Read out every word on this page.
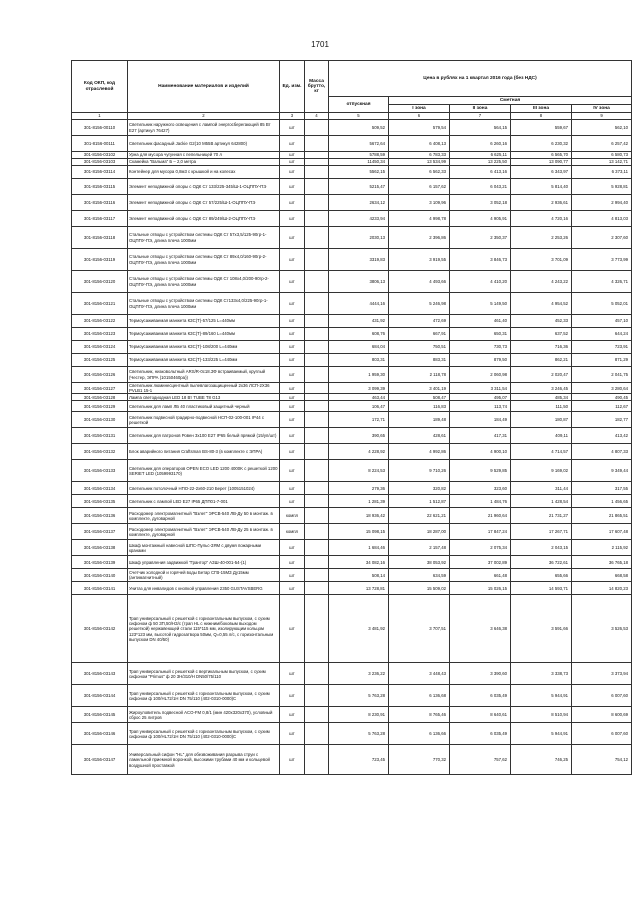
1701
Код ОКП, код отраслевой	Наименование материалов и изделий	Ед. изм.	Масса брутто, кг	Цена в рублях на 1 квартал 2016 года (без НДС)				
				отпускная	Сметная			
					I зона	II зона	III зона	IV зона
1	2	3	4	5	6	7	8	9
301-8156-00110	Светильник наружного освещения с лампой энергосберегающей 85 Вт Е27 (артикул 76427)	шт		509,52	579,54	564,15	559,67	562,10
301-8156-00111	Светильник фасадный Jackie G2(10 М55В артикул 642800)	шт		5672,64	6 408,13	6 260,16	6 230,32	6 257,42
301-8156-03102	Урна для мусора чугунная с пепельницей 70 л	шт		5788,59	6 783,33	6 625,11	6 565,70	6 580,73
301-8156-03103	Скамейка "Вальма" Б – 2,0 метра	шт		11450,34	13 534,99	13 225,50	13 090,77	13 142,71
301-8156-03114	Контейнер для мусора 0,8м3 с крышкой и на колесах	шт		5562,15	6 562,33	6 413,16	6 343,97	6 373,11
301-8156-03115	Элемент неподвижной опоры с ОДК Ст 133/225-345/Ш-1-ОЦППУ-ПЭ	шт		5215,47	6 157,62	6 043,21	5 814,40	5 928,81
301-8156-03116	Элемент неподвижной опоры с ОДК Ст 57/225/Ш-1-ОЦППУ-ПЭ	шт		2634,12	3 109,96	3 052,18	2 936,61	2 994,40
301-8156-03117	Элемент неподвижной опоры с ОДК Ст 89/249/Ш-2-ОЦППУ-ПЭ	шт		4233,94	4 998,78	4 905,91	4 720,16	4 813,03
301-8156-03118	Стальные отводы с устройством системы ОДК Ст 57х3,5/125-90гр-1-ОЦППУ-ПЭ, длина плеча 1000мм	шт		2030,13	2 396,86	2 350,37	2 253,26	2 307,60
301-8156-03119	Стальные отводы с устройством системы ОДК Ст 89х4,0/160-90гр-2-ОЦППУ-ПЭ, длина плеча 1000мм	шт		3319,83	3 919,55	3 846,73	3 701,09	3 773,99
301-8156-03120	Стальные отводы с устройством системы ОДК Ст 108х4,0/200-90гр-2-ОЦППУ-ПЭ, длина плеча 1000мм	шт		3806,13	4 493,66	4 410,20	4 243,22	4 326,71
301-8156-03121	Стальные отводы с устройством системы ОДК Ст133х4,0/225-90гр-1-ОЦППУ-ПЭ, длина плеча 1000мм	шт		4444,16	5 246,98	5 149,50	4 954,52	5 052,01
301-8156-03122	Термоусаживаемая манжета КЗС(Т)-57/125 L=440мм	шт		431,92	472,69	461,40	452,33	457,10
301-8156-03123	Термоусаживаемая манжета КЗС(Т)-89/160 L=440мм	шт		608,76	667,91	650,31	637,52	644,24
301-8156-03124	Термоусаживаемая манжета КЗС(Т)-108/200 L=440мм	шт		684,04	750,51	730,73	716,36	723,91
301-8156-03125	Термоусаживаемая манжета КЗС(Т)-133/225 L=440мм	шт		803,31	883,31	879,50	862,21	871,29
301-8156-03126	Светильник, низковольтный ARS/R-0с18.ЗФ встраиваемый, круглый (Честер, ЭПРА (10150460ра))	шт		1 959,30	2 118,78	2 060,98	2 020,47	2 041,75
301-8156-03127	Светильник люминесцентный пылевлагозащищенный 2х36 ЛСП-2Х36 PVLВ1 15-1	шт		3 099,39	3 401,19	3 311,54	3 246,45	3 280,64
301-8156-03128	Лампа светодиодная LED 18 Вт TUBE T8 G13	шт		463,44	508,47	495,07	485,34	490,45
301-8156-03129	Светильник для ламп ЛБ 40 пластиковый защитный черный	шт		106,47	116,83	113,74	111,50	112,67
301-8156-03130	Светильник подвесной градирно-подвесной НСП-02-100-001 IP44 с решеткой	шт		172,71	189,48	184,49	180,87	182,77
301-8156-03131	Светильник для патронов Ровен 3х100 Е27 IP65 белый прямой (15/уп/шт)	шт		390,65	428,61	417,31	409,11	413,42
301-8156-03132	Блок аварийного питания Craftsman BS-80-3 (в комплекте с ЭПРА)	шт		4 228,92	4 992,86	4 900,10	4 714,57	4 807,33
301-8156-03133	Светильник для операторов OPEN ECO LED 1200 4000K с решеткой 1200 SЕRIET LED (1059993170)	шт		8 224,53	9 710,26	9 529,85	9 169,02	9 349,44
301-8156-03134	Светильник потолочный НПО-22-2х60-210 Берет (1005151024)	шт		279,36	320,82	323,60	311,44	317,55
301-8156-03135	Светильник с лампой LED Е27 IP65 ДПП01-7-001	шт		1 281,39	1 512,87	1 484,76	1 428,54	1 456,65
301-8156-03136	Расходомер электромагнитный "Взлет" ЭРСВ-540 ЛВ-Ду 50 в монтаж. в комплекте, дуговарной	компл		18 936,42	22 621,21	21 960,64	21 731,27	21 865,51
301-8156-03137	Расходомер электромагнитный "Взлет" ЭРСВ-540 ЛВ-Ду 25 в монтаж. в комплекте, дуговарной	компл		15 098,15	18 287,00	17 847,24	17 267,71	17 607,48
301-8156-03138	Шкаф монтажный навесной ШПС-Пульс-ЗЯМ с двумя пожарными кранами	шт		1 684,46	2 157,48	2 075,34	2 043,15	2 115,92
301-8156-03139	Шкаф управления задвижкой "Грантор" АЗШ-40-001-54-(1)	шт		34 082,16	38 053,92	37 002,89	36 722,61	36 765,18
301-8156-03140	Счетчик холодной и горячей воды Бетар СГВ-15МЗ Ду15мм (антимагнитный)	шт		508,14	634,59	661,48	655,66	668,58
301-8156-03141	Унитаз для инвалидов с кнопкой управления 2350 GUSTAVSBERG	шт		13 728,81	15 509,02	15 026,15	14 593,71	14 820,23
301-8156-03142	Трап универсальный с решеткой с горизонтальным выпуском, с сухим сифоном ф 50 ЗП,50/НЗ/с (трап HL с нижним/боковым выходом решеткой) нержавеющей стали 115*115 мм, изолирующим кольцом 123*123 мм, высотой гидрозатвора 50мм, Q=0,55 л/с, с горизонтальным выпуском DN 40/50)	шт		3 481,92	3 707,51	3 646,38	3 591,66	3 526,53
301-8156-03143	Трап универсальный с решеткой с вертикальным выпуском, с сухим сифоном "Primus" ф 20 3Н/310/Н DN50/75/110	шт		3 236,22	3 448,43	3 390,60	3 338,73	3 373,94
301-8156-03144	Трап универсальный с решеткой с горизонтальным выпуском, с сухим сифоном ф 100/HL72/1Н DN 75/110 (402-0310-0000)С	шт		5 763,28	6 136,68	6 035,49	5 944,91	6 007,60
301-8156-03145	Жироуловитель подвесной ACO-FM 0,8/1 (мин 420х320х370), условный сброс 25 литров	шт		8 230,91	8 765,46	8 640,61	8 510,94	8 600,69
301-8156-03146	Трап универсальный с решеткой с горизонтальным выпуском, с сухим сифоном ф 100/HL72/1Н DN 75/110 (402-0310-0000)С	шт		5 763,28	6 136,66	6 035,49	5 944,91	6 007,60
301-8156-03147	Универсальный сифон "HL" для обезвоживания разрыва струи с ламельной приемной воронкой, высокими трубами 40 мм и кольцевой воздушной проставкой	шт		723,45	770,32	757,62	746,25	754,12
